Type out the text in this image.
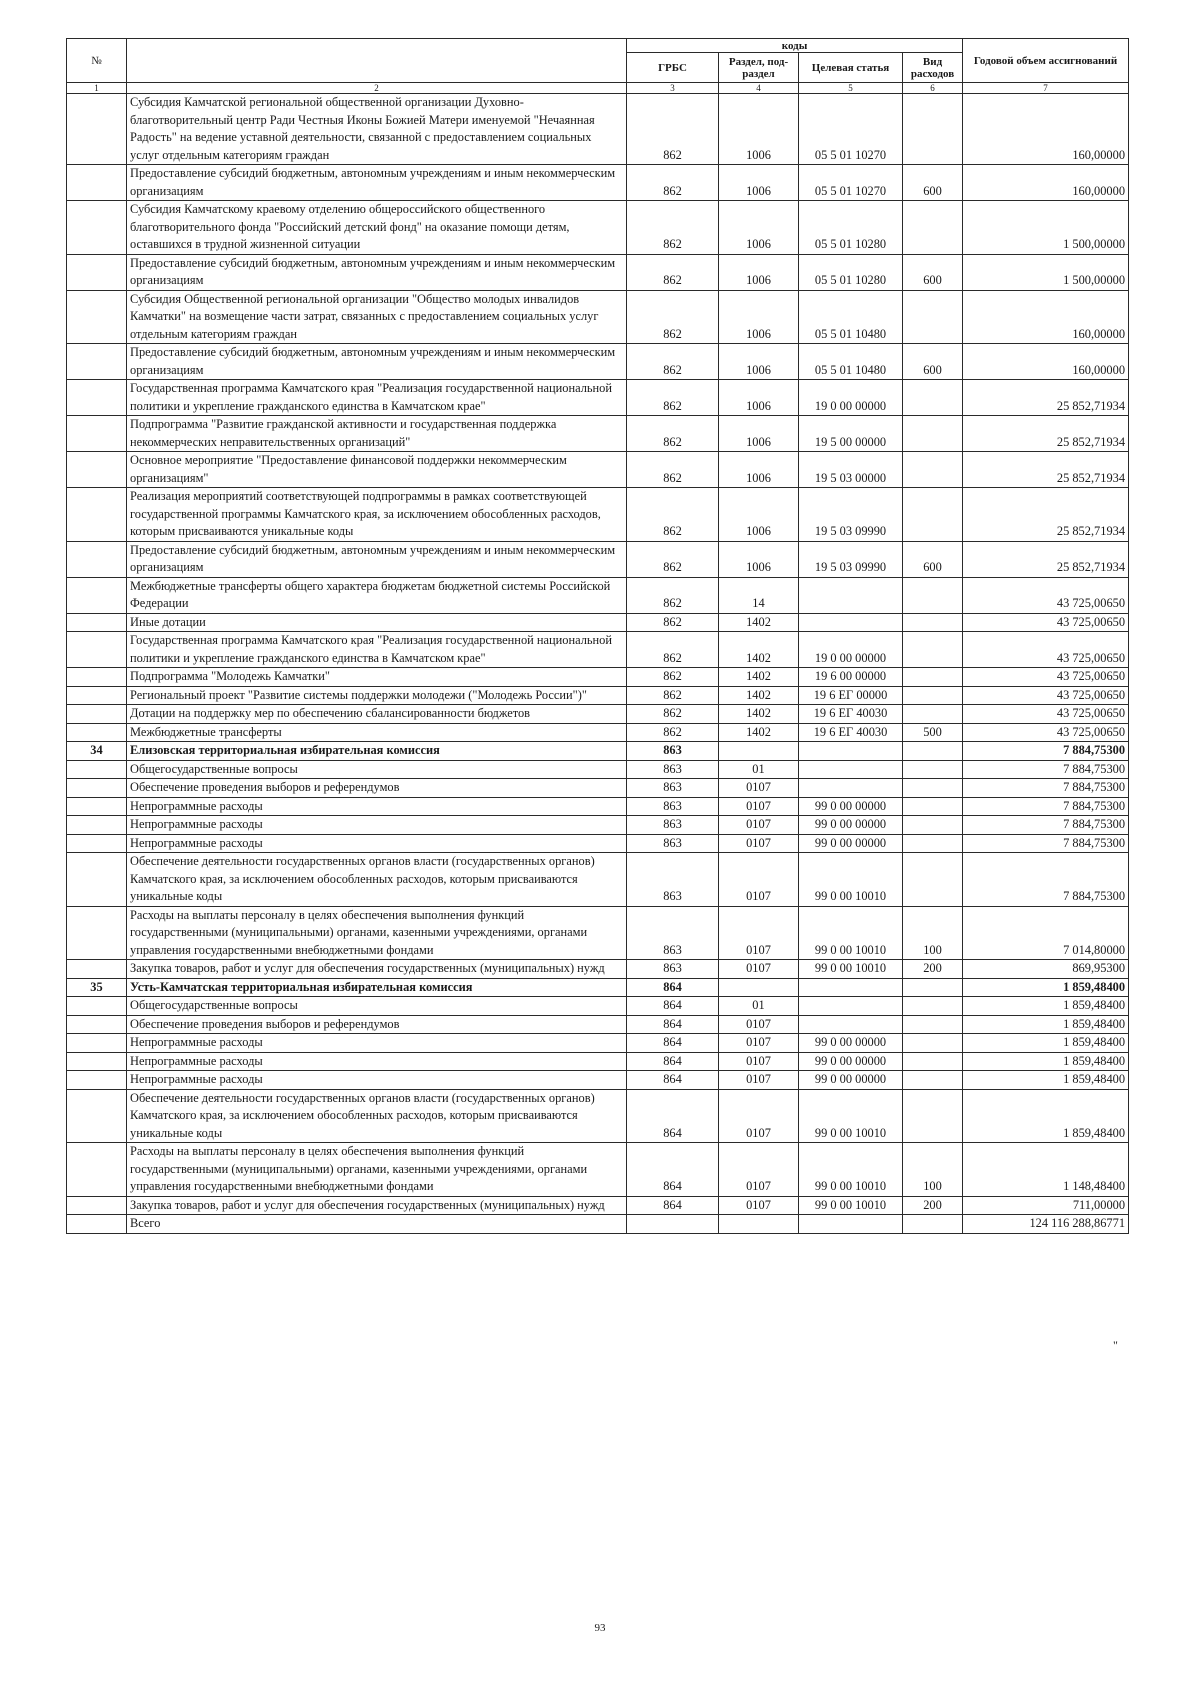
№		коды				Годовой объем ассигнований
		ГРБС	Раздел, под-раздел	Целевая статья	Вид расходов	
1	2	3	4	5	6	7
	Субсидия Камчатской региональной общественной организации Духовно-благотворительный центр Ради Честныя Иконы Божией Матери именуемой "Нечаянная Радость" на ведение уставной деятельности, связанной с предоставлением социальных услуг отдельным категориям граждан	862	1006	05 5 01 10270		160,00000
	Предоставление субсидий бюджетным, автономным учреждениям и иным некоммерческим организациям	862	1006	05 5 01 10270	600	160,00000
	Субсидия Камчатскому краевому отделению общероссийского общественного благотворительного фонда "Российский детский фонд" на оказание помощи детям, оставшихся в трудной жизненной ситуации	862	1006	05 5 01 10280		1 500,00000
	Предоставление субсидий бюджетным, автономным учреждениям и иным некоммерческим организациям	862	1006	05 5 01 10280	600	1 500,00000
	Субсидия Общественной региональной организации "Общество молодых инвалидов Камчатки" на возмещение части затрат, связанных с предоставлением социальных услуг отдельным категориям граждан	862	1006	05 5 01 10480		160,00000
	Предоставление субсидий бюджетным, автономным учреждениям и иным некоммерческим организациям	862	1006	05 5 01 10480	600	160,00000
	Государственная программа Камчатского края "Реализация государственной национальной политики и укрепление гражданского единства в Камчатском крае"	862	1006	19 0 00 00000		25 852,71934
	Подпрограмма "Развитие гражданской активности и государственная поддержка некоммерческих неправительственных организаций"	862	1006	19 5 00 00000		25 852,71934
	Основное мероприятие "Предоставление финансовой поддержки некоммерческим организациям"	862	1006	19 5 03 00000		25 852,71934
	Реализация мероприятий соответствующей подпрограммы в рамках соответствующей государственной программы Камчатского края, за исключением обособленных расходов, которым присваиваются уникальные коды	862	1006	19 5 03 09990		25 852,71934
	Предоставление субсидий бюджетным, автономным учреждениям и иным некоммерческим организациям	862	1006	19 5 03 09990	600	25 852,71934
	Межбюджетные трансферты общего характера бюджетам бюджетной системы Российской Федерации	862	14			43 725,00650
	Иные дотации	862	1402			43 725,00650
	Государственная программа Камчатского края "Реализация государственной национальной политики и укрепление гражданского единства в Камчатском крае"	862	1402	19 0 00 00000		43 725,00650
	Подпрограмма "Молодежь Камчатки"	862	1402	19 6 00 00000		43 725,00650
	Региональный проект "Развитие системы поддержки молодежи ("Молодежь России")"	862	1402	19 6 ЕГ 00000		43 725,00650
	Дотации на поддержку мер по обеспечению сбалансированности бюджетов	862	1402	19 6 ЕГ 40030		43 725,00650
	Межбюджетные трансферты	862	1402	19 6 ЕГ 40030	500	43 725,00650
34	Елизовская территориальная избирательная комиссия	863				7 884,75300
	Общегосударственные вопросы	863	01			7 884,75300
	Обеспечение проведения выборов и референдумов	863	0107			7 884,75300
	Непрограммные расходы	863	0107	99 0 00 00000		7 884,75300
	Непрограммные расходы	863	0107	99 0 00 00000		7 884,75300
	Непрограммные расходы	863	0107	99 0 00 00000		7 884,75300
	Обеспечение деятельности государственных органов власти (государственных органов) Камчатского края, за исключением обособленных расходов, которым присваиваются уникальные коды	863	0107	99 0 00 10010		7 884,75300
	Расходы на выплаты персоналу в целях обеспечения выполнения функций государственными (муниципальными) органами, казенными учреждениями, органами управления государственными внебюджетными фондами	863	0107	99 0 00 10010	100	7 014,80000
	Закупка товаров, работ и услуг для обеспечения государственных (муниципальных) нужд	863	0107	99 0 00 10010	200	869,95300
35	Усть-Камчатская территориальная избирательная комиссия	864				1 859,48400
	Общегосударственные вопросы	864	01			1 859,48400
	Обеспечение проведения выборов и референдумов	864	0107			1 859,48400
	Непрограммные расходы	864	0107	99 0 00 00000		1 859,48400
	Непрограммные расходы	864	0107	99 0 00 00000		1 859,48400
	Непрограммные расходы	864	0107	99 0 00 00000		1 859,48400
	Обеспечение деятельности государственных органов власти (государственных органов) Камчатского края, за исключением обособленных расходов, которым присваиваются уникальные коды	864	0107	99 0 00 10010		1 859,48400
	Расходы на выплаты персоналу в целях обеспечения выполнения функций государственными (муниципальными) органами, казенными учреждениями, органами управления государственными внебюджетными фондами	864	0107	99 0 00 10010	100	1 148,48400
	Закупка товаров, работ и услуг для обеспечения государственных (муниципальных) нужд	864	0107	99 0 00 10010	200	711,00000
	Всего					124 116 288,86771
"
93
